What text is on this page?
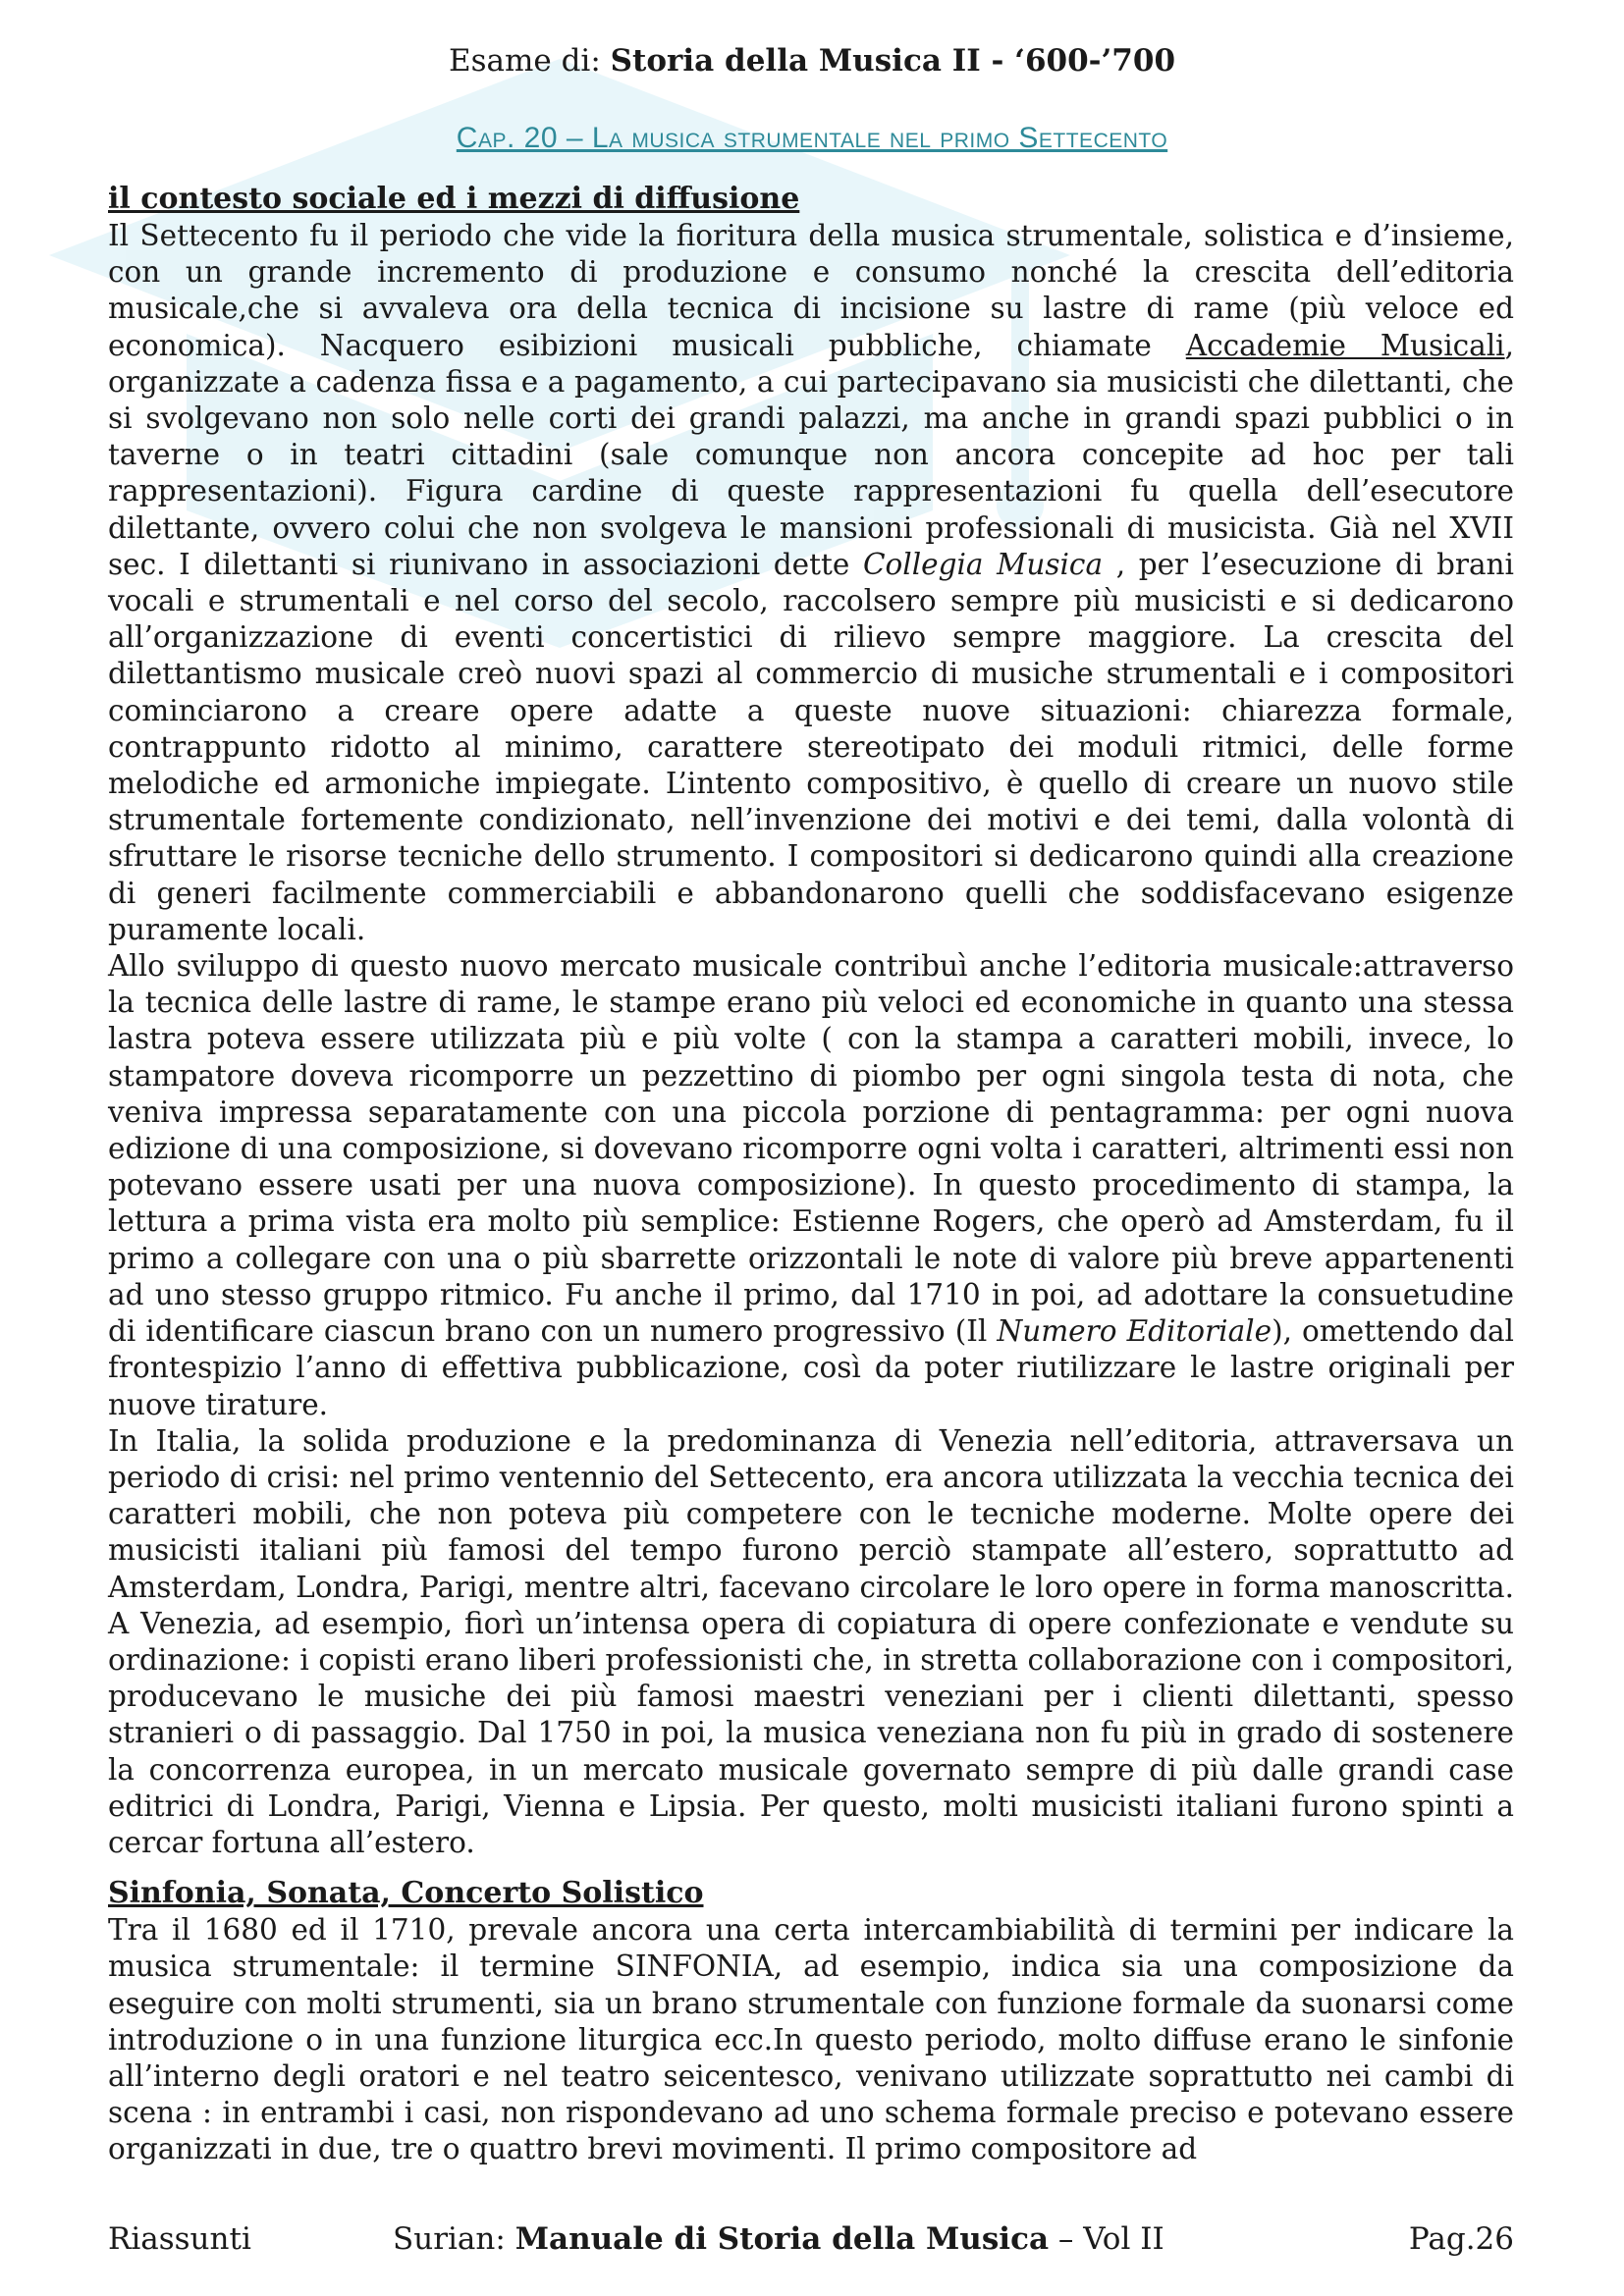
Esame di: Storia della Musica II - ‘600-’700
Cap. 20 – La musica strumentale nel primo Settecento
il contesto sociale ed i mezzi di diffusione

Il Settecento fu il periodo che vide la fioritura della musica strumentale, solistica e d’insieme, con un grande incremento di produzione e consumo nonché la crescita dell’editoria musicale,che si avvaleva ora della tecnica di incisione su lastre di rame (più veloce ed economica). Nacquero esibizioni musicali pubbliche, chiamate Accademie Musicali, organizzate a cadenza fissa e a pagamento, a cui partecipavano sia musicisti che dilettanti, che si svolgevano non solo nelle corti dei grandi palazzi, ma anche in grandi spazi pubblici o in taverne o in teatri cittadini (sale comunque non ancora concepite ad hoc per tali rappresentazioni). Figura cardine di queste rappresentazioni fu quella dell’esecutore dilettante, ovvero colui che non svolgeva le mansioni professionali di musicista. Già nel XVII sec. I dilettanti si riunivano in associazioni dette Collegia Musica , per l’esecuzione di brani vocali e strumentali e nel corso del secolo, raccolsero sempre più musicisti e si dedicarono all’organizzazione di eventi concertistici di rilievo sempre maggiore. La crescita del dilettantismo musicale creò nuovi spazi al commercio di musiche strumentali e i compositori cominciarono a creare opere adatte a queste nuove situazioni: chiarezza formale, contrappunto ridotto al minimo, carattere stereotipato dei moduli ritmici, delle forme melodiche ed armoniche impiegate. L’intento compositivo, è quello di creare un nuovo stile strumentale fortemente condizionato, nell’invenzione dei motivi e dei temi, dalla volontà di sfruttare le risorse tecniche dello strumento. I compositori si dedicarono quindi alla creazione di generi facilmente commerciabili e abbandonarono quelli che soddisfacevano esigenze puramente locali.

Allo sviluppo di questo nuovo mercato musicale contribuì anche l’editoria musicale:attraverso la tecnica delle lastre di rame, le stampe erano più veloci ed economiche in quanto una stessa lastra poteva essere utilizzata più e più volte ( con la stampa a caratteri mobili, invece, lo stampatore doveva ricomporre un pezzettino di piombo per ogni singola testa di nota, che veniva impressa separatamente con una piccola porzione di pentagramma: per ogni nuova edizione di una composizione, si dovevano ricomporre ogni volta i caratteri, altrimenti essi non potevano essere usati per una nuova composizione). In questo procedimento di stampa, la lettura a prima vista era molto più semplice: Estienne Rogers, che operò ad Amsterdam, fu il primo a collegare con una o più sbarrette orizzontali le note di valore più breve appartenenti ad uno stesso gruppo ritmico. Fu anche il primo, dal 1710 in poi, ad adottare la consuetudine di identificare ciascun brano con un numero progressivo (Il Numero Editoriale), omettendo dal frontespizio l’anno di effettiva pubblicazione, così da poter riutilizzare le lastre originali per nuove tirature.

In Italia, la solida produzione e la predominanza di Venezia nell’editoria, attraversava un periodo di crisi: nel primo ventennio del Settecento, era ancora utilizzata la vecchia tecnica dei caratteri mobili, che non poteva più competere con le tecniche moderne. Molte opere dei musicisti italiani più famosi del tempo furono perciò stampate all’estero, soprattutto ad Amsterdam, Londra, Parigi, mentre altri, facevano circolare le loro opere in forma manoscritta. A Venezia, ad esempio, fiorì un’intensa opera di copiatura di opere confezionate e vendute su ordinazione: i copisti erano liberi professionisti che, in stretta collaborazione con i compositori, producevano le musiche dei più famosi maestri veneziani per i clienti dilettanti, spesso stranieri o di passaggio. Dal 1750 in poi, la musica veneziana non fu più in grado di sostenere la concorrenza europea, in un mercato musicale governato sempre di più dalle grandi case editrici di Londra, Parigi, Vienna e Lipsia. Per questo, molti musicisti italiani furono spinti a cercar fortuna all’estero.

Sinfonia, Sonata, Concerto Solistico

Tra il 1680 ed il 1710, prevale ancora una certa intercambiabilità di termini per indicare la musica strumentale: il termine SINFONIA, ad esempio, indica sia una composizione da eseguire con molti strumenti, sia un brano strumentale con funzione formale da suonarsi come introduzione o in una funzione liturgica ecc.In questo periodo, molto diffuse erano le sinfonie all’interno degli oratori e nel teatro seicentesco, venivano utilizzate soprattutto nei cambi di scena : in entrambi i casi, non rispondevano ad uno schema formale preciso e potevano essere organizzati in due, tre o quattro brevi movimenti. Il primo compositore ad

Riassunti	Surian: Manuale di Storia della Musica – Vol II	Pag.26
